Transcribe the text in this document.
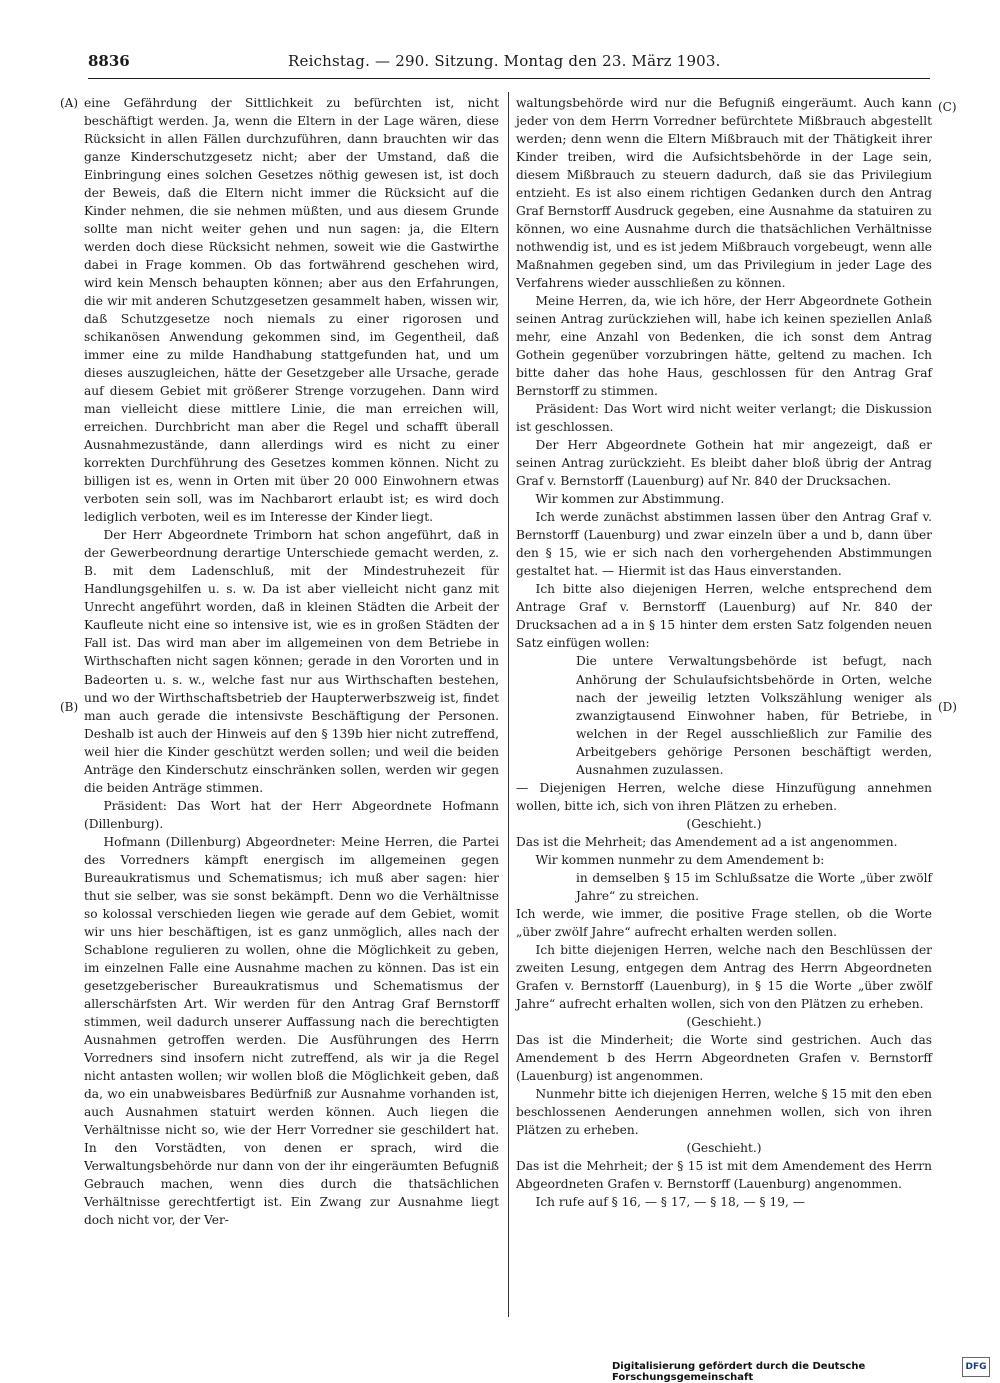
8836	Reichstag. — 290. Sitzung. Montag den 23. März 1903.
(A)
(B)
(C)
(D)

eine Gefährdung der Sittlichkeit zu befürchten ist, nicht beschäftigt werden. Ja, wenn die Eltern in der Lage wären, diese Rücksicht in allen Fällen durchzuführen, dann brauchten wir das ganze Kinderschutzgesetz nicht; aber der Umstand, daß die Einbringung eines solchen Gesetzes nöthig gewesen ist, ist doch der Beweis, daß die Eltern nicht immer die Rücksicht auf die Kinder nehmen, die sie nehmen müßten, und aus diesem Grunde sollte man nicht weiter gehen und nun sagen: ja, die Eltern werden doch diese Rücksicht nehmen, soweit wie die Gastwirthe dabei in Frage kommen. Ob das fortwährend geschehen wird, wird kein Mensch behaupten können; aber aus den Erfahrungen, die wir mit anderen Schutzgesetzen gesammelt haben, wissen wir, daß Schutzgesetze noch niemals zu einer rigorosen und schikanösen Anwendung gekommen sind, im Gegentheil, daß immer eine zu milde Handhabung stattgefunden hat, und um dieses auszugleichen, hätte der Gesetzgeber alle Ursache, gerade auf diesem Gebiet mit größerer Strenge vorzugehen. Dann wird man vielleicht diese mittlere Linie, die man erreichen will, erreichen. Durchbricht man aber die Regel und schafft überall Ausnahmezustände, dann allerdings wird es nicht zu einer korrekten Durchführung des Gesetzes kommen können. Nicht zu billigen ist es, wenn in Orten mit über 20 000 Einwohnern etwas verboten sein soll, was im Nachbarort erlaubt ist; es wird doch lediglich verboten, weil es im Interesse der Kinder liegt.

Der Herr Abgeordnete Trimborn hat schon angeführt, daß in der Gewerbeordnung derartige Unterschiede gemacht werden, z. B. mit dem Ladenschluß, mit der Mindestruhezeit für Handlungsgehilfen u. s. w. Da ist aber vielleicht nicht ganz mit Unrecht angeführt worden, daß in kleinen Städten die Arbeit der Kaufleute nicht eine so intensive ist, wie es in großen Städten der Fall ist. Das wird man aber im allgemeinen von dem Betriebe in Wirthschaften nicht sagen können; gerade in den Vororten und in Badeorten u. s. w., welche fast nur aus Wirthschaften bestehen, und wo der Wirthschaftsbetrieb der Haupterwerbszweig ist, findet man auch gerade die intensivste Beschäftigung der Personen. Deshalb ist auch der Hinweis auf den § 139b hier nicht zutreffend, weil hier die Kinder geschützt werden sollen; und weil die beiden Anträge den Kinderschutz einschränken sollen, werden wir gegen die beiden Anträge stimmen.

Präsident: Das Wort hat der Herr Abgeordnete Hofmann (Dillenburg).

Hofmann (Dillenburg) Abgeordneter: Meine Herren, die Partei des Vorredners kämpft energisch im allgemeinen gegen Bureaukratismus und Schematismus; ich muß aber sagen: hier thut sie selber, was sie sonst bekämpft. Denn wo die Verhältnisse so kolossal verschieden liegen wie gerade auf dem Gebiet, womit wir uns hier beschäftigen, ist es ganz unmöglich, alles nach der Schablone regulieren zu wollen, ohne die Möglichkeit zu geben, im einzelnen Falle eine Ausnahme machen zu können. Das ist ein gesetzgeberischer Bureaukratismus und Schematismus der allerschärfsten Art. Wir werden für den Antrag Graf Bernstorff stimmen, weil dadurch unserer Auffassung nach die berechtigten Ausnahmen getroffen werden. Die Ausführungen des Herrn Vorredners sind insofern nicht zutreffend, als wir ja die Regel nicht antasten wollen; wir wollen bloß die Möglichkeit geben, daß da, wo ein unabweisbares Bedürfniß zur Ausnahme vorhanden ist, auch Ausnahmen statuirt werden können. Auch liegen die Verhältnisse nicht so, wie der Herr Vorredner sie geschildert hat. In den Vorstädten, von denen er sprach, wird die Verwaltungsbehörde nur dann von der ihr eingeräumten Befugniß Gebrauch machen, wenn dies durch die thatsächlichen Verhältnisse gerechtfertigt ist. Ein Zwang zur Ausnahme liegt doch nicht vor, der Ver-

waltungsbehörde wird nur die Befugniß eingeräumt. Auch kann jeder von dem Herrn Vorredner befürchtete Mißbrauch abgestellt werden; denn wenn die Eltern Mißbrauch mit der Thätigkeit ihrer Kinder treiben, wird die Aufsichtsbehörde in der Lage sein, diesem Mißbrauch zu steuern dadurch, daß sie das Privilegium entzieht. Es ist also einem richtigen Gedanken durch den Antrag Graf Bernstorff Ausdruck gegeben, eine Ausnahme da statuiren zu können, wo eine Ausnahme durch die thatsächlichen Verhältnisse nothwendig ist, und es ist jedem Mißbrauch vorgebeugt, wenn alle Maßnahmen gegeben sind, um das Privilegium in jeder Lage des Verfahrens wieder ausschließen zu können.

Meine Herren, da, wie ich höre, der Herr Abgeordnete Gothein seinen Antrag zurückziehen will, habe ich keinen speziellen Anlaß mehr, eine Anzahl von Bedenken, die ich sonst dem Antrag Gothein gegenüber vorzubringen hätte, geltend zu machen. Ich bitte daher das hohe Haus, geschlossen für den Antrag Graf Bernstorff zu stimmen.

Präsident: Das Wort wird nicht weiter verlangt; die Diskussion ist geschlossen.

Der Herr Abgeordnete Gothein hat mir angezeigt, daß er seinen Antrag zurückzieht. Es bleibt daher bloß übrig der Antrag Graf v. Bernstorff (Lauenburg) auf Nr. 840 der Drucksachen.

Wir kommen zur Abstimmung.

Ich werde zunächst abstimmen lassen über den Antrag Graf v. Bernstorff (Lauenburg) und zwar einzeln über a und b, dann über den § 15, wie er sich nach den vorhergehenden Abstimmungen gestaltet hat. — Hiermit ist das Haus einverstanden.

Ich bitte also diejenigen Herren, welche entsprechend dem Antrage Graf v. Bernstorff (Lauenburg) auf Nr. 840 der Drucksachen ad a in § 15 hinter dem ersten Satz folgenden neuen Satz einfügen wollen:

Die untere Verwaltungsbehörde ist befugt, nach Anhörung der Schulaufsichtsbehörde in Orten, welche nach der jeweilig letzten Volkszählung weniger als zwanzigtausend Einwohner haben, für Betriebe, in welchen in der Regel ausschließlich zur Familie des Arbeitgebers gehörige Personen beschäftigt werden, Ausnahmen zuzulassen.

— Diejenigen Herren, welche diese Hinzufügung annehmen wollen, bitte ich, sich von ihren Plätzen zu erheben.

(Geschieht.)

Das ist die Mehrheit; das Amendement ad a ist angenommen.

Wir kommen nunmehr zu dem Amendement b:

in demselben § 15 im Schlußsatze die Worte „über zwölf Jahre“ zu streichen.

Ich werde, wie immer, die positive Frage stellen, ob die Worte „über zwölf Jahre“ aufrecht erhalten werden sollen.

Ich bitte diejenigen Herren, welche nach den Beschlüssen der zweiten Lesung, entgegen dem Antrag des Herrn Abgeordneten Grafen v. Bernstorff (Lauenburg), in § 15 die Worte „über zwölf Jahre“ aufrecht erhalten wollen, sich von den Plätzen zu erheben.

(Geschieht.)

Das ist die Minderheit; die Worte sind gestrichen. Auch das Amendement b des Herrn Abgeordneten Grafen v. Bernstorff (Lauenburg) ist angenommen.

Nunmehr bitte ich diejenigen Herren, welche § 15 mit den eben beschlossenen Aenderungen annehmen wollen, sich von ihren Plätzen zu erheben.

(Geschieht.)

Das ist die Mehrheit; der § 15 ist mit dem Amendement des Herrn Abgeordneten Grafen v. Bernstorff (Lauenburg) angenommen.

Ich rufe auf § 16, — § 17, — § 18, — § 19, —

Digitalisierung gefördert durch die Deutsche Forschungsgemeinschaft
DFG
